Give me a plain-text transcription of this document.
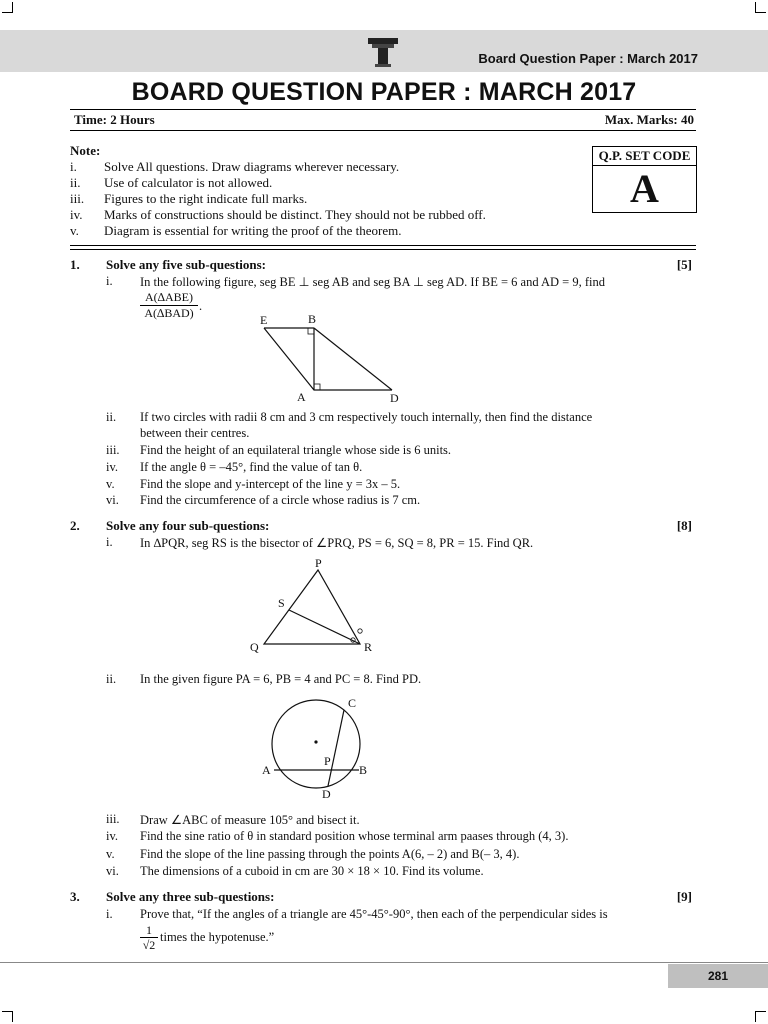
Board Question Paper : March 2017
BOARD QUESTION PAPER : MARCH 2017
Time: 2 Hours	Max. Marks: 40
Note:
i. Solve All questions. Draw diagrams wherever necessary.
ii. Use of calculator is not allowed.
iii. Figures to the right indicate full marks.
iv. Marks of constructions should be distinct. They should not be rubbed off.
v. Diagram is essential for writing the proof of the theorem.
Q.P. SET CODE
A
1. Solve any five sub-questions:	[5]
i. In the following figure, seg BE ⊥ seg AB and seg BA ⊥ seg AD. If BE = 6 and AD = 9, find
A(∆ABE)
A(∆BAD) .
E	B
A	D
ii. If two circles with radii 8 cm and 3 cm respectively touch internally, then find the distance
between their centres.
iii. Find the height of an equilateral triangle whose side is 6 units.
iv. If the angle θ = –45°, find the value of tan θ.
v. Find the slope and y-intercept of the line y = 3x – 5.
vi. Find the circumference of a circle whose radius is 7 cm.
2. Solve any four sub-questions:	[8]
i. In ∆PQR, seg RS is the bisector of ∠PRQ, PS = 6, SQ = 8, PR = 15. Find QR.
P
S
Q	R
ii. In the given figure PA = 6, PB = 4 and PC = 8. Find PD.
C
P
A	B
D
iii. Draw ∠ABC of measure 105° and bisect it.
iv. Find the sine ratio of θ in standard position whose terminal arm paases through (4, 3).
v. Find the slope of the line passing through the points A(6, – 2) and B(– 3, 4).
vi. The dimensions of a cuboid in cm are 30 × 18 × 10. Find its volume.
3. Solve any three sub-questions:	[9]
i. Prove that, “If the angles of a triangle are 45°-45°-90°, then each of the perpendicular sides is
$\frac{1}{√2}$ times the hypotenuse.”
281
